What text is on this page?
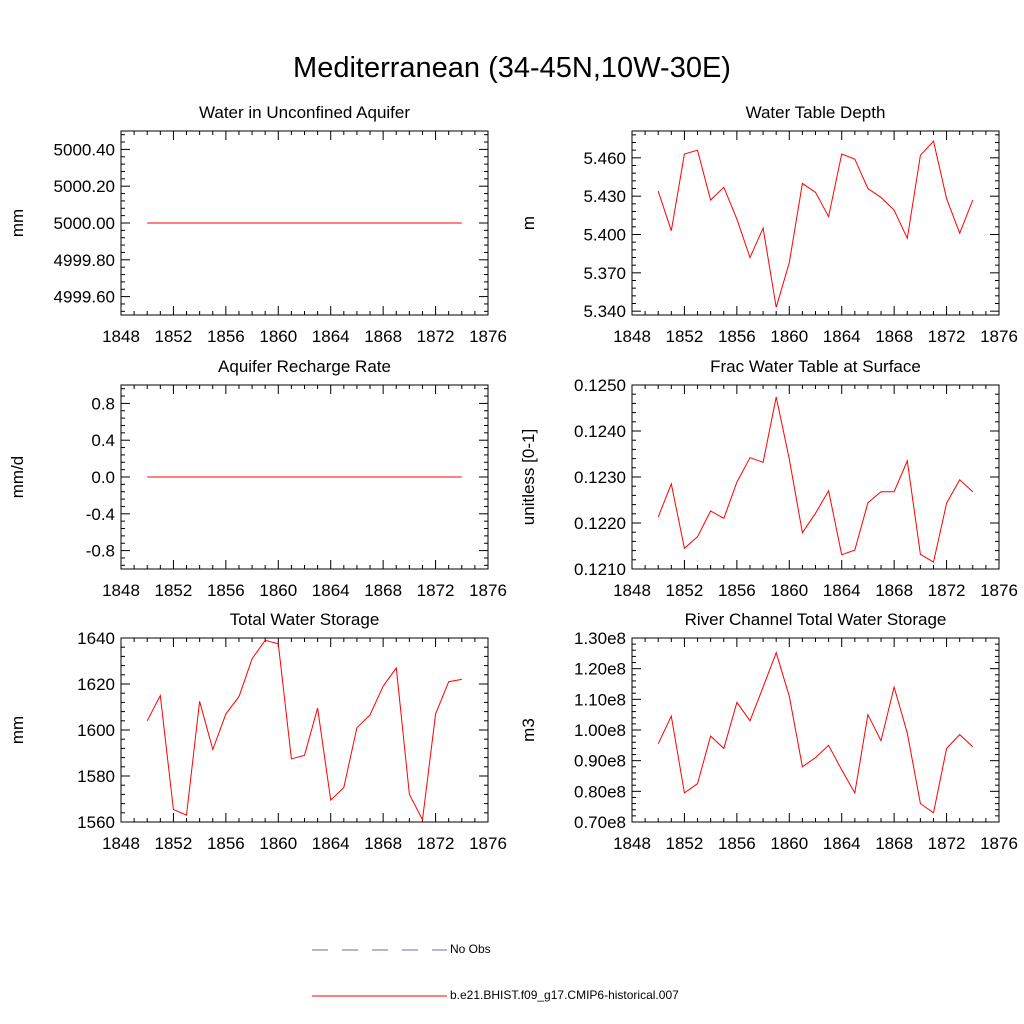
Mediterranean (34-45N,10W-30E)
Water in Unconfined Aquifer
1848 1852 1856 1860 1864 1868 1872 1876
4999.60
4999.80
5000.00
5000.20
5000.40
mm
Water Table Depth
1848 1852 1856 1860 1864 1868 1872 1876
5.340
5.370
5.400
5.430
5.460
m
Aquifer Recharge Rate
1848 1852 1856 1860 1864 1868 1872 1876
-0.8
-0.4
0.0
0.4
0.8
mm/d
Frac Water Table at Surface
1848 1852 1856 1860 1864 1868 1872 1876
0.1210
0.1220
0.1230
0.1240
0.1250
unitless [0-1]
Total Water Storage
1848 1852 1856 1860 1864 1868 1872 1876
1560
1580
1600
1620
1640
mm
River Channel Total Water Storage
1848 1852 1856 1860 1864 1868 1872 1876
0.70e8
0.80e8
0.90e8
1.00e8
1.10e8
1.20e8
1.30e8
m3
No Obs
b.e21.BHIST.f09_g17.CMIP6-historical.007
